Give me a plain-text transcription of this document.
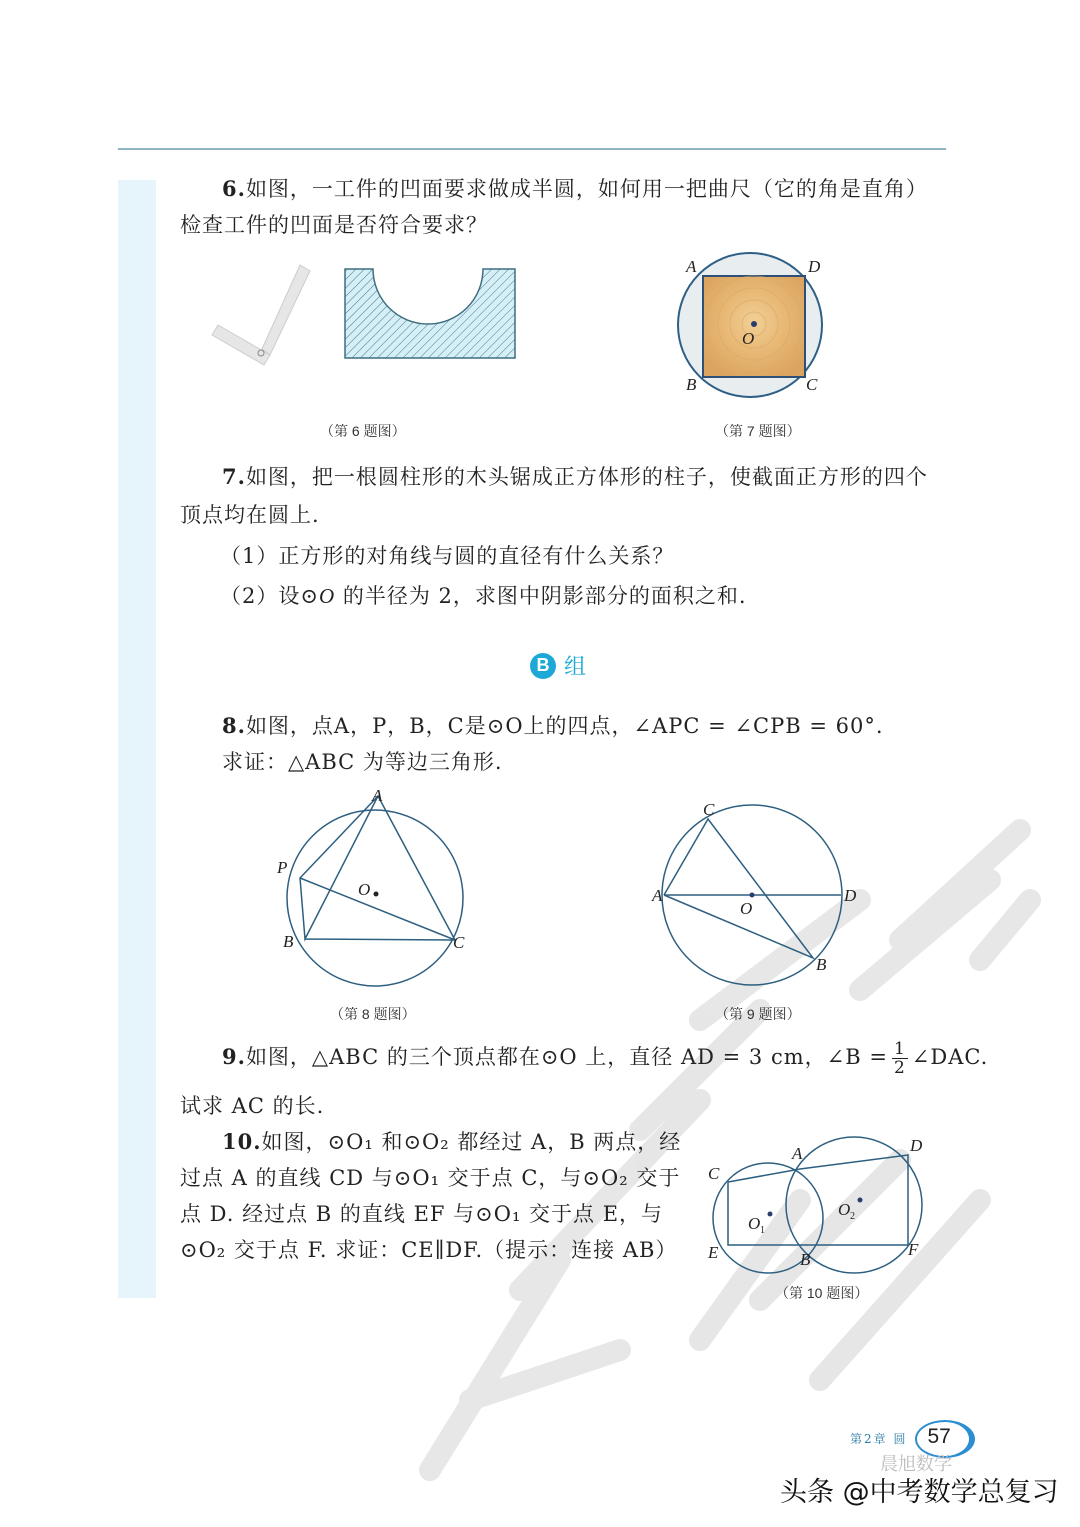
6.如图，一工件的凹面要求做成半圆，如何用一把曲尺（它的角是直角）
检查工件的凹面是否符合要求？
（第 6 题图）
A	D
B	C
O
（第 7 题图）
7.如图，把一根圆柱形的木头锯成正方体形的柱子，使截面正方形的四个
顶点均在圆上.
（1）正方形的对角线与圆的直径有什么关系？
（2）设⊙O 的半径为 2，求图中阴影部分的面积之和.
B 组
8.如图，点A，P，B，C是⊙O上的四点，∠APC = ∠CPB = 60°.
求证：△ABC 为等边三角形.
A
P
B	C
O
（第 8 题图）
A
C
D
B
O
（第 9 题图）
9.如图，△ABC 的三个顶点都在⊙O 上，直径 AD = 3 cm，∠B = $\frac{1}{2}$ ∠DAC.
试求 AC 的长.
10.如图，⊙O₁ 和⊙O₂ 都经过 A，B 两点，经
过点 A 的直线 CD 与⊙O₁ 交于点 C，与⊙O₂ 交于
点 D. 经过点 B 的直线 EF 与⊙O₁ 交于点 E，与
⊙O₂ 交于点 F. 求证：CE∥DF.（提示：连接 AB）
A
C
D
E	B
F
O 1
O 2
（第 10 题图）
第2章 圆 57
晨旭数学
头条 @中考数学总复习
